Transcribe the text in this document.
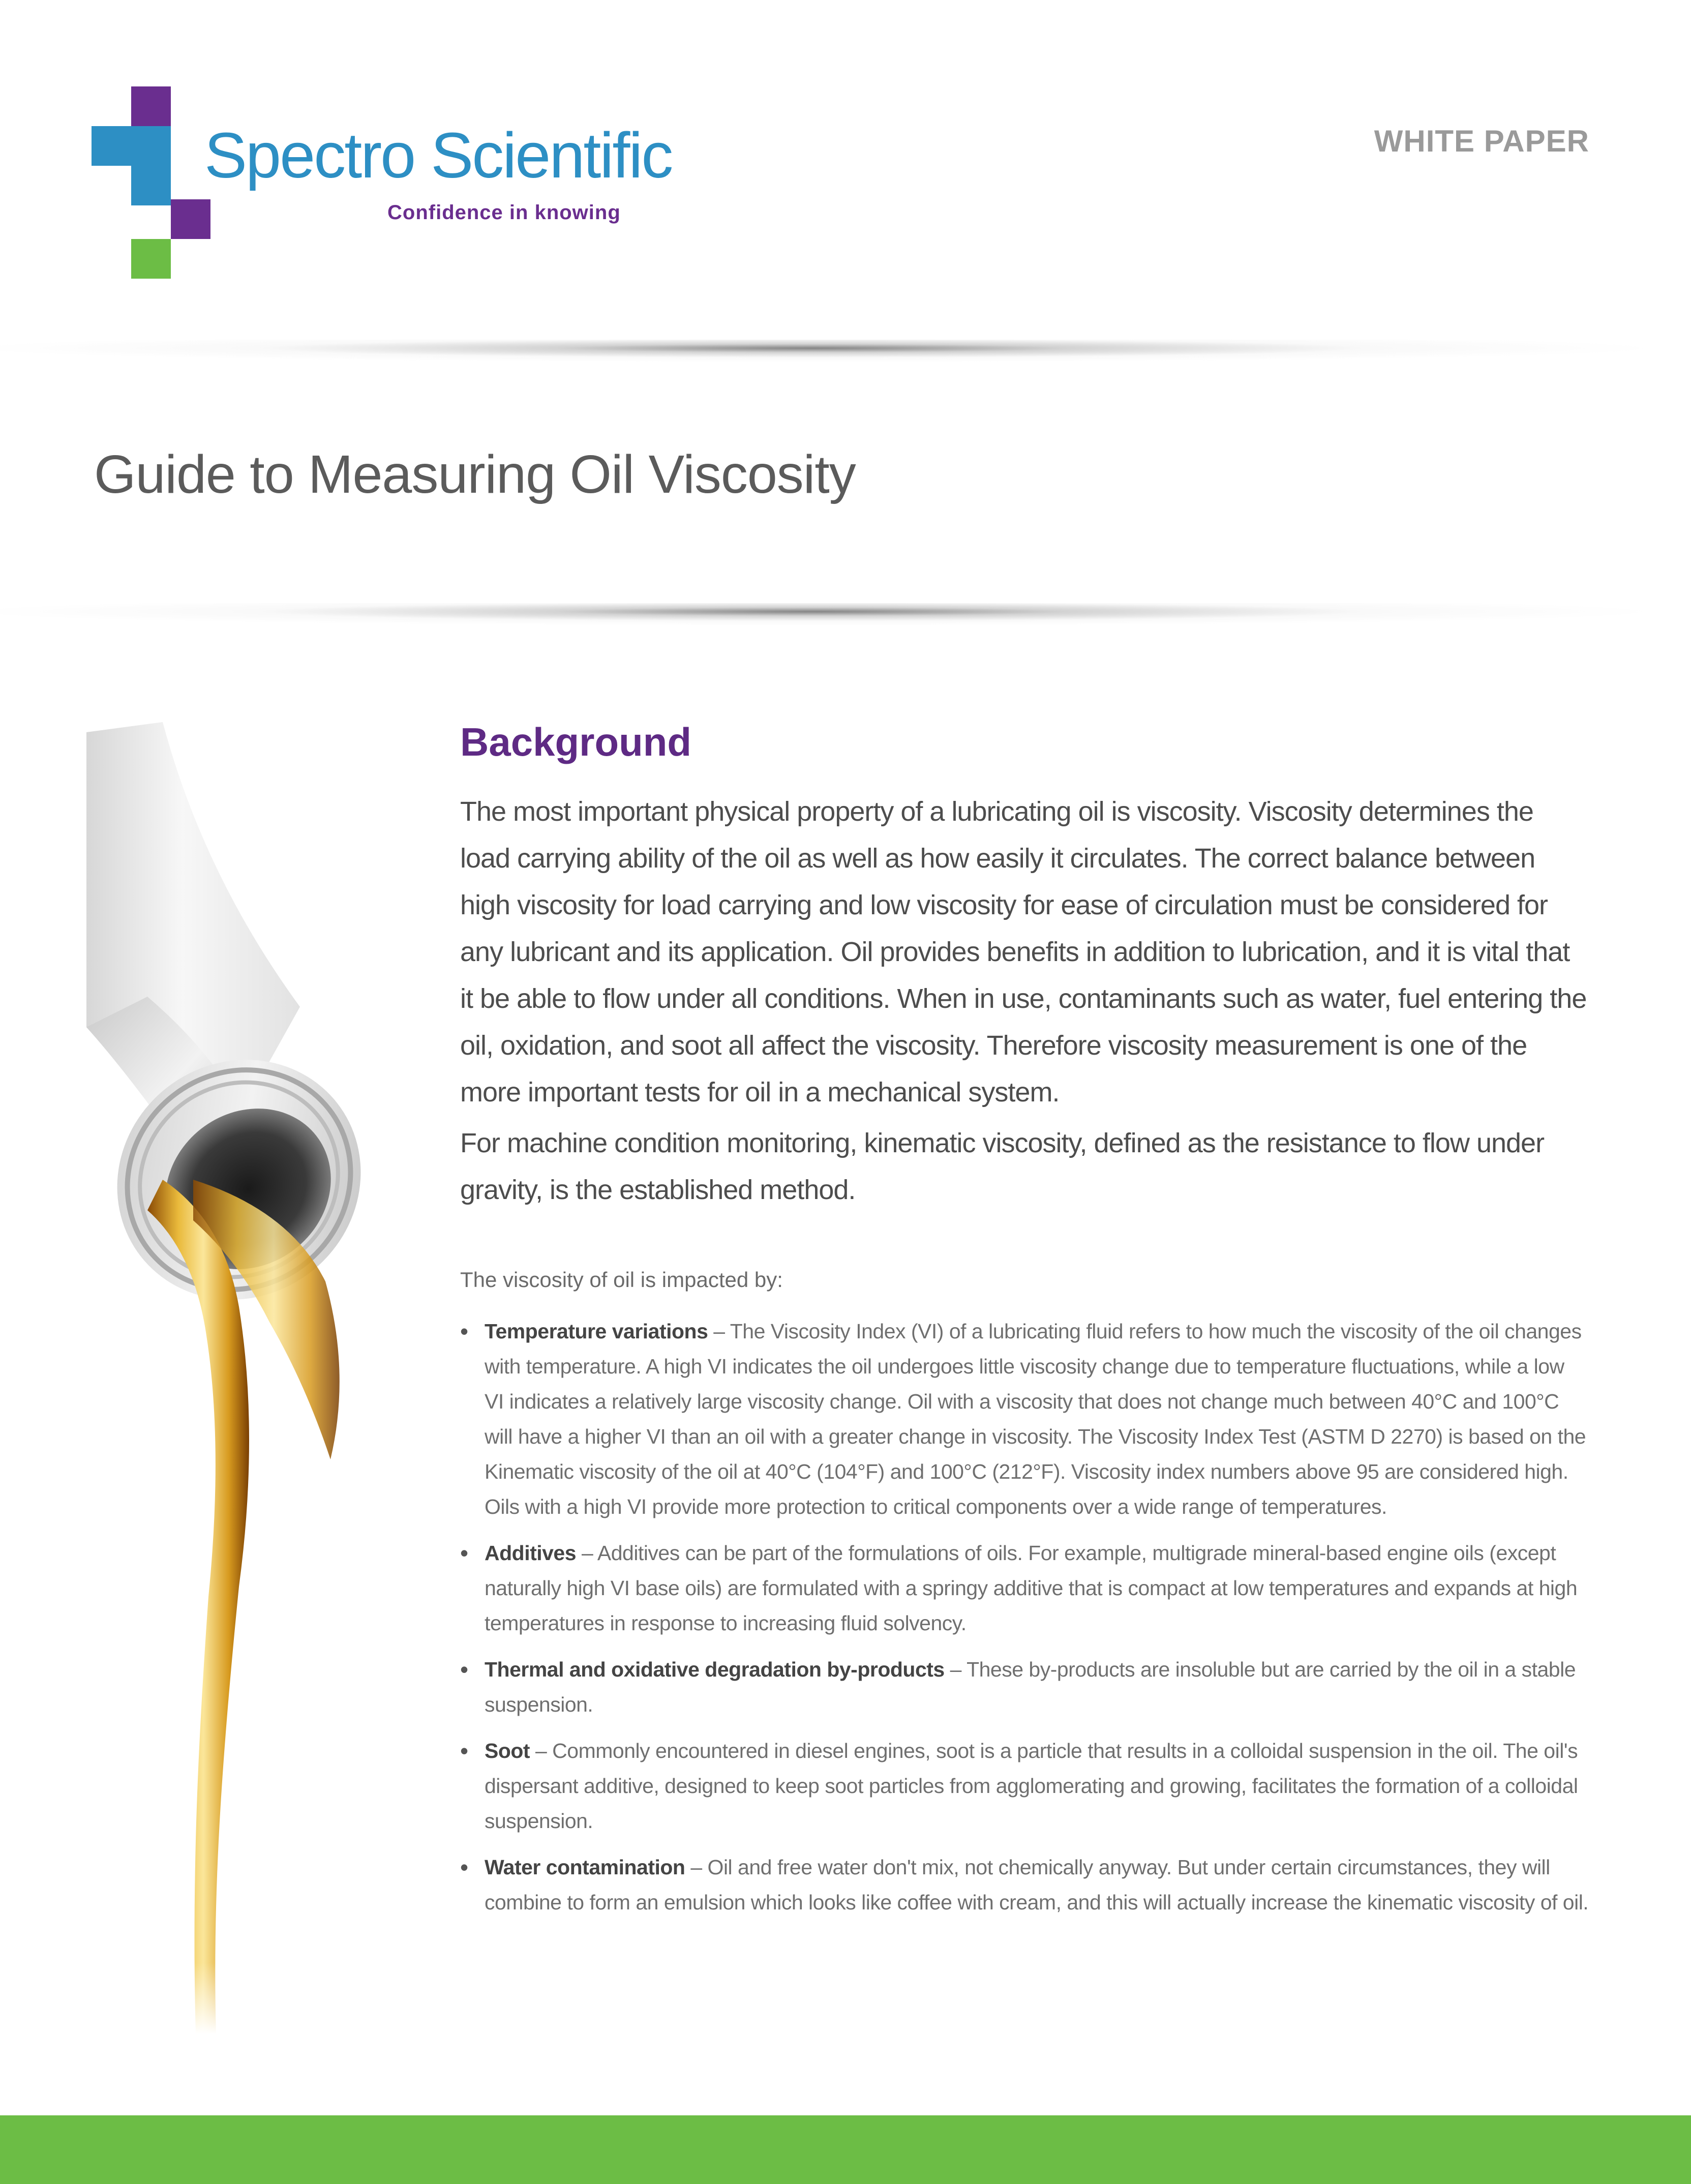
Spectro Scientific
Confidence in knowing
WHITE PAPER
Guide to Measuring Oil Viscosity
Background

The most important physical property of a lubricating oil is viscosity. Viscosity determines the load carrying ability of the oil as well as how easily it circulates. The correct balance between high viscosity for load carrying and low viscosity for ease of circulation must be considered for any lubricant and its application. Oil provides benefits in addition to lubrication, and it is vital that it be able to flow under all conditions. When in use, contaminants such as water, fuel entering the oil, oxidation, and soot all affect the viscosity. Therefore viscosity measurement is one of the more important tests for oil in a mechanical system.

For machine condition monitoring, kinematic viscosity, defined as the resistance to flow under gravity, is the established method.

The viscosity of oil is impacted by:

• Temperature variations – The Viscosity Index (VI) of a lubricating fluid refers to how much the viscosity of the oil changes with temperature. A high VI indicates the oil undergoes little viscosity change due to temperature fluctuations, while a low VI indicates a relatively large viscosity change. Oil with a viscosity that does not change much between 40°C and 100°C will have a higher VI than an oil with a greater change in viscosity. The Viscosity Index Test (ASTM D 2270) is based on the Kinematic viscosity of the oil at 40°C (104°F) and 100°C (212°F). Viscosity index numbers above 95 are considered high. Oils with a high VI provide more protection to critical components over a wide range of temperatures.
• Additives – Additives can be part of the formulations of oils. For example, multigrade mineral-based engine oils (except naturally high VI base oils) are formulated with a springy additive that is compact at low temperatures and expands at high temperatures in response to increasing fluid solvency.
• Thermal and oxidative degradation by-products – These by-products are insoluble but are carried by the oil in a stable suspension.
• Soot – Commonly encountered in diesel engines, soot is a particle that results in a colloidal suspension in the oil. The oil's dispersant additive, designed to keep soot particles from agglomerating and growing, facilitates the formation of a colloidal suspension.
• Water contamination – Oil and free water don't mix, not chemically anyway. But under certain circumstances, they will combine to form an emulsion which looks like coffee with cream, and this will actually increase the kinematic viscosity of oil.
